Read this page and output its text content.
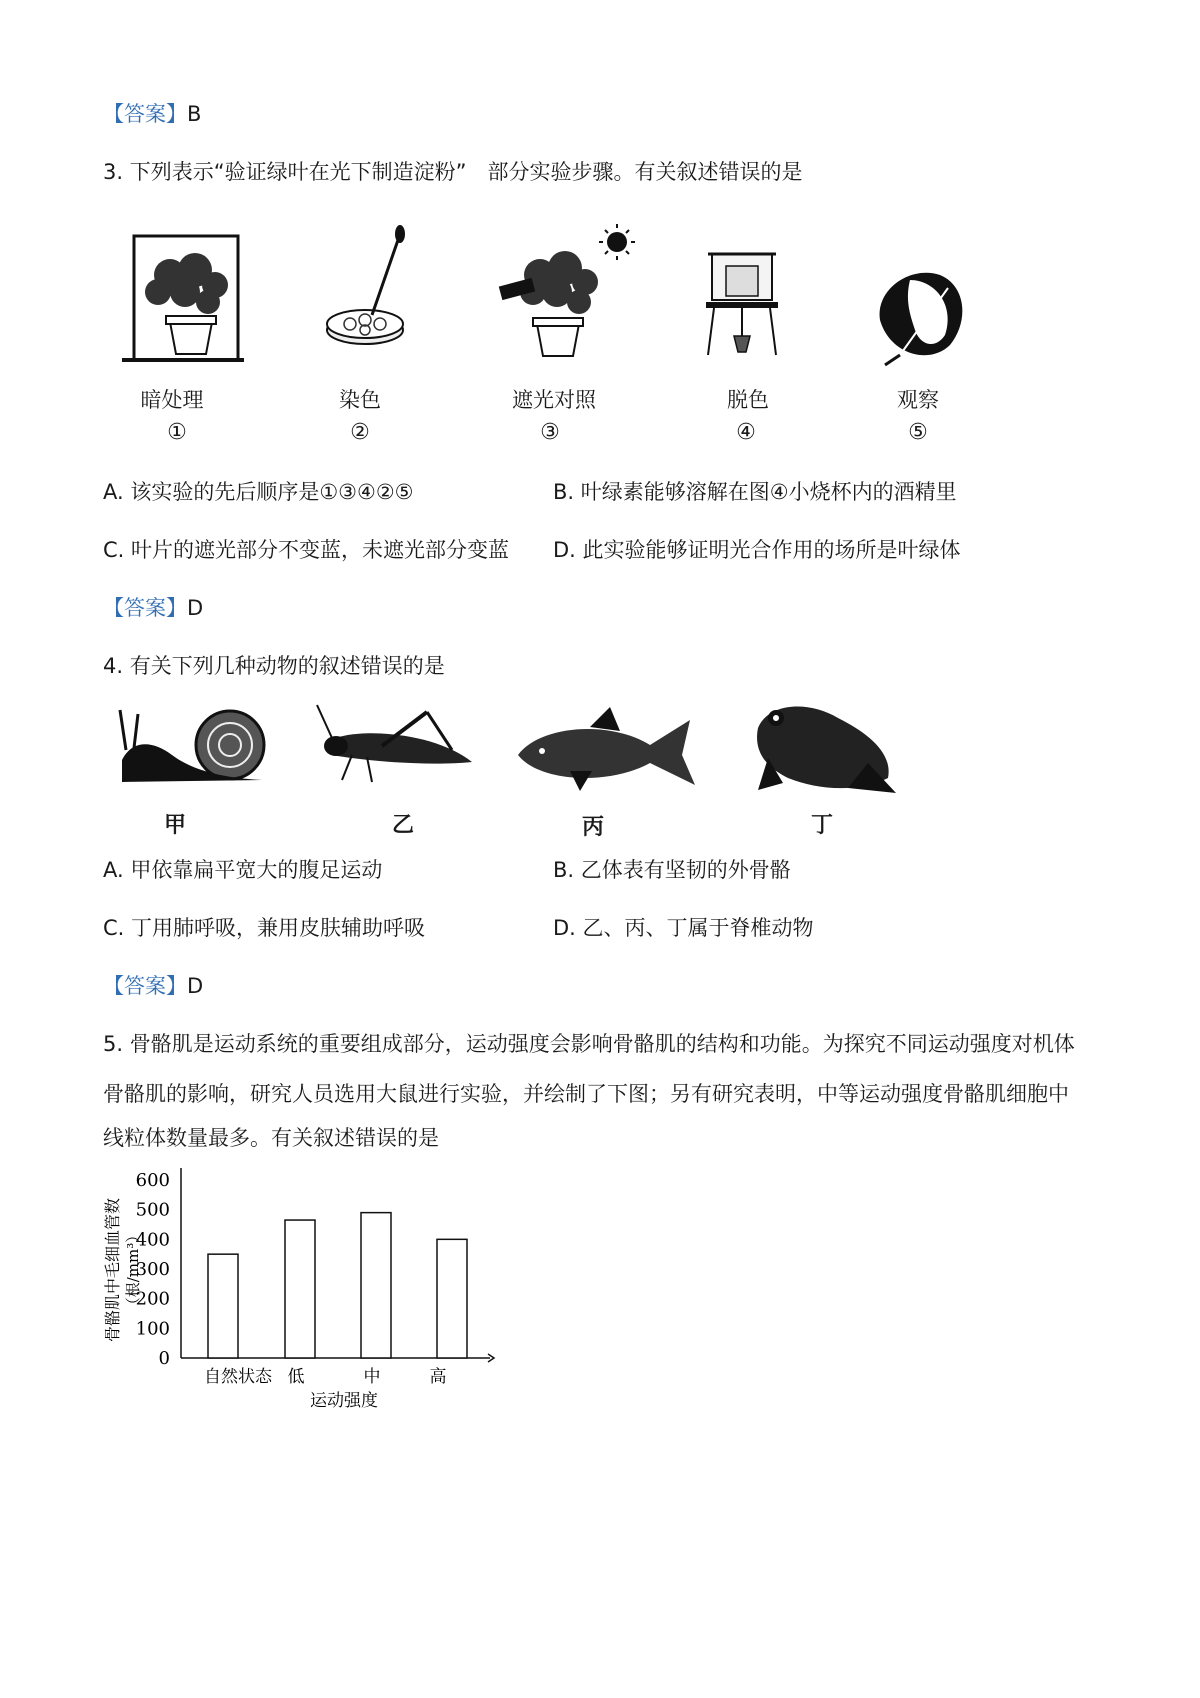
【答案】B
3. 下列表示“验证绿叶在光下制造淀粉”　部分实验步骤。有关叙述错误的是
暗处理	染色	遮光对照	脱色	观察
①	②	③	④	⑤
A. 该实验的先后顺序是①③④②⑤	B. 叶绿素能够溶解在图④小烧杯内的酒精里
C. 叶片的遮光部分不变蓝，未遮光部分变蓝 D. 此实验能够证明光合作用的场所是叶绿体
【答案】D
4. 有关下列几种动物的叙述错误的是
甲	乙	丙	丁
A. 甲依靠扁平宽大的腹足运动	B. 乙体表有坚韧的外骨骼
C. 丁用肺呼吸，兼用皮肤辅助呼吸	D. 乙、丙、丁属于脊椎动物
【答案】D
5. 骨骼肌是运动系统的重要组成部分，运动强度会影响骨骼肌的结构和功能。为探究不同运动强度对机体
骨骼肌的影响，研究人员选用大鼠进行实验，并绘制了下图；另有研究表明，中等运动强度骨骼肌细胞中
线粒体数量最多。有关叙述错误的是
骨骼肌中毛细血管数 （根/mm³）
0
100
200
300
400
500
600
自然状态 低	中	高
运动强度
